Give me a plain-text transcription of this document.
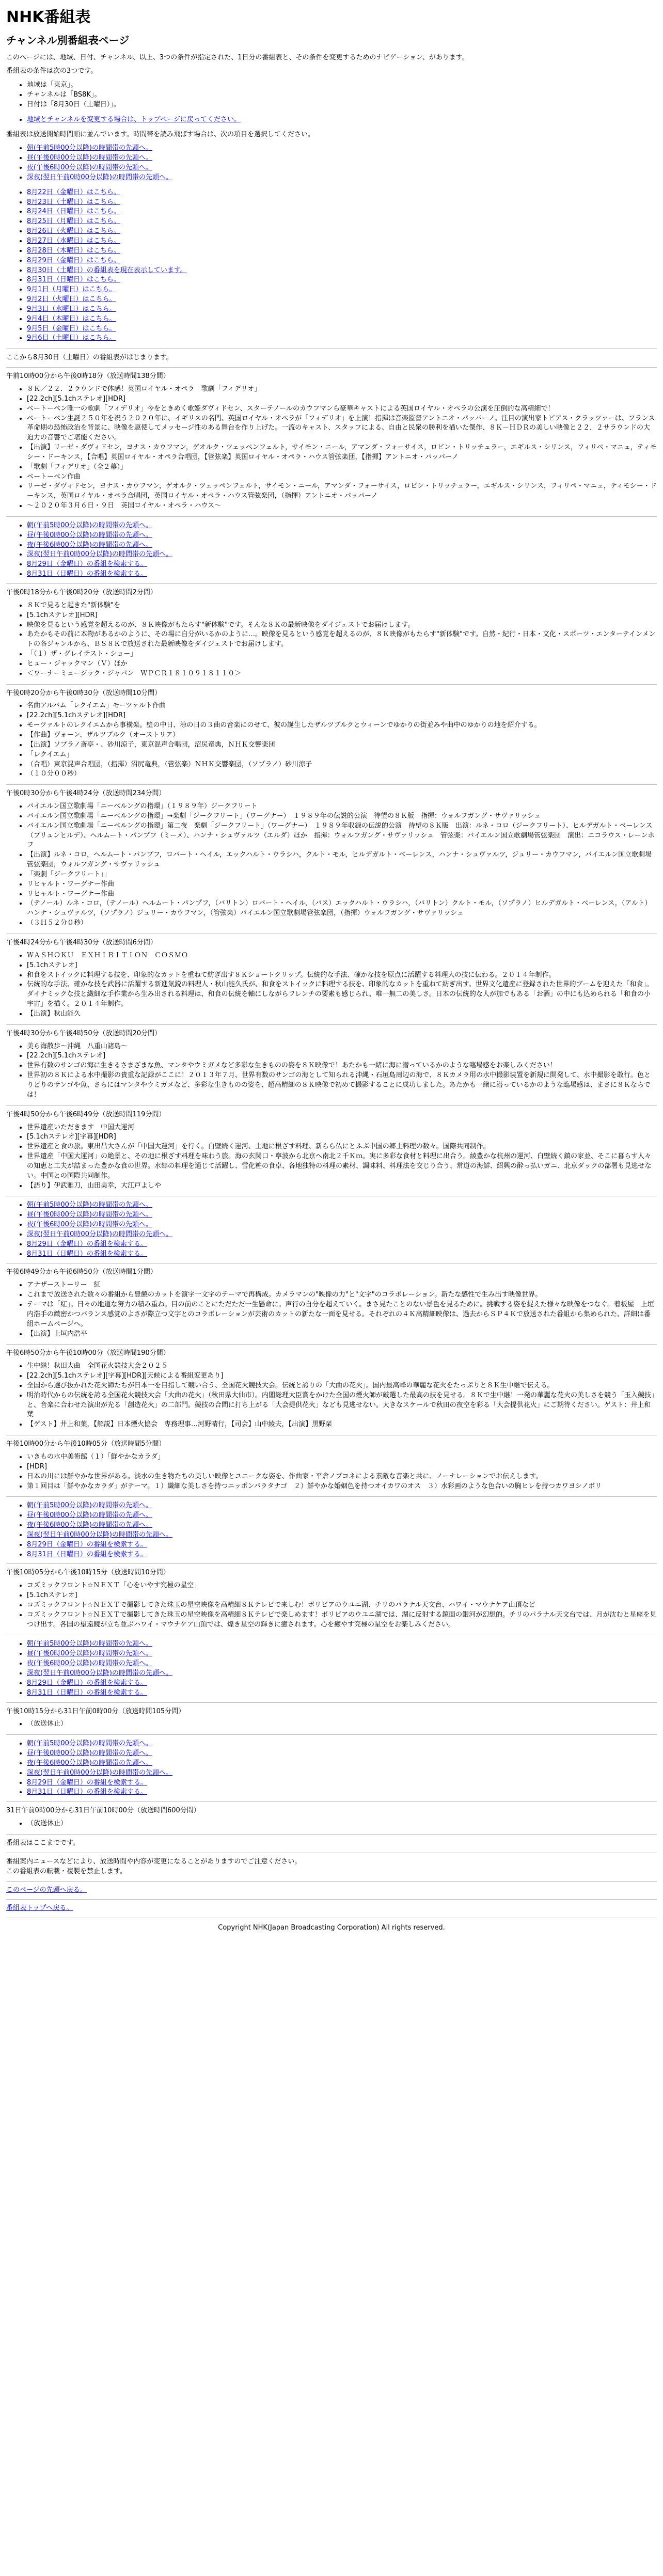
NHK番組表
チャンネル別番組表ページ

このページには、地域、日付、チャンネル、以上、3つの条件が指定された、1日分の番組表と、その条件を変更するためのナビゲーション、があります。

番組表の条件は次の3つです。

• 地域は「東京」。
• チャンネルは「BS8K」。
• 日付は「8月30日（土曜日）」。
• 地域とチャンネルを変更する場合は、トップページに戻ってください。

番組表は放送開始時間順に並んでいます。時間帯を読み飛ばす場合は、次の項目を選択してください。

• 朝(午前5時00分以降)の時間帯の先頭へ。
• 昼(午後0時00分以降)の時間帯の先頭へ。
• 夜(午後6時00分以降)の時間帯の先頭へ。
• 深夜(翌日午前0時00分以降)の時間帯の先頭へ。
• 8月22日（金曜日）はこちら。
• 8月23日（土曜日）はこちら。
• 8月24日（日曜日）はこちら。
• 8月25日（月曜日）はこちら。
• 8月26日（火曜日）はこちら。
• 8月27日（水曜日）はこちら。
• 8月28日（木曜日）はこちら。
• 8月29日（金曜日）はこちら。
• 8月30日（土曜日）の番組表を現在表示しています。
• 8月31日（日曜日）はこちら。
• 9月1日（月曜日）はこちら。
• 9月2日（火曜日）はこちら。
• 9月3日（水曜日）はこちら。
• 9月4日（木曜日）はこちら。
• 9月5日（金曜日）はこちら。
• 9月6日（土曜日）はこちら。

ここから8月30日（土曜日）の番組表がはじまります。

午前10時00分から午後0時18分（放送時間138分間）

• ８Ｋ／２２．２ラウンドで体感！英国ロイヤル・オペラ　歌劇「フィデリオ」
• [22.2ch][5.1chステレオ][HDR]
• ベートーベン唯一の歌劇「フィデリオ」今をときめく歌姫ダヴィドセン、スターテノールのカウフマンら豪華キャストによる英国ロイヤル・オペラの公演を圧倒的な高精細で！
• ベートーベン生誕２５０年を祝う２０２０年に、イギリスの名門、英国ロイヤル・オペラが「フィデリオ」を上演！指揮は音楽監督アントニオ・パッパーノ。注目の演出家トビアス・クラッツァーは、フランス革命期の恐怖政治を背景に、映像を駆使してメッセージ性のある舞台を作り上げた。一流のキャスト、スタッフによる、自由と民衆の勝利を描いた傑作、８Ｋ－ＨＤＲの美しい映像と２２．２サラウンドの大迫力の音響でご堪能ください。
• 【出演】リーゼ・ダヴィドセン，ヨナス・カウフマン，ゲオルク・ツェッペンフェルト，サイモン・ニール，アマンダ・フォーサイス，ロビン・トリッチュラー，エギルス・シリンス，フィリペ・マニュ，ティモシー・ドーキンス，【合唱】英国ロイヤル・オペラ合唱団，【管弦楽】英国ロイヤル・オペラ・ハウス管弦楽団，【指揮】アントニオ・パッパーノ
• 「歌劇「フィデリオ」（全２幕）」
• ベートーベン作曲
• リーゼ・ダヴィドセン，ヨナス・カウフマン，ゲオルク・ツェッペンフェルト，サイモン・ニール，アマンダ・フォーサイス，ロビン・トリッチュラー，エギルス・シリンス，フィリペ・マニュ，ティモシー・ドーキンス，英国ロイヤル・オペラ合唱団，英国ロイヤル・オペラ・ハウス管弦楽団，（指揮）アントニオ・パッパーノ
• ～２０２０年３月６日・９日　英国ロイヤル・オペラ・ハウス～
• 朝(午前5時00分以降)の時間帯の先頭へ。
• 昼(午後0時00分以降)の時間帯の先頭へ。
• 夜(午後6時00分以降)の時間帯の先頭へ。
• 深夜(翌日午前0時00分以降)の時間帯の先頭へ。
• 8月29日（金曜日）の番組を検索する。
• 8月31日（日曜日）の番組を検索する。

午後0時18分から午後0時20分（放送時間2分間）

• ８Ｋで見ると起きた"新体験"を
• [5.1chステレオ][HDR]
• 映像を見るという感覚を超えるのが、８Ｋ映像がもたらす"新体験"です。そんな８Ｋの最新映像をダイジェストでお届けします。
• あたかもその前に本物があるかのように、その場に自分がいるかのように…。映像を見るという感覚を超えるのが、８Ｋ映像がもたらす"新体験"です。自然・紀行・日本・文化・スポーツ・エンターテインメントの各ジャンルから、ＢＳ８Ｋで放送された最新映像をダイジェストでお届けします。
• 「（１）ザ・グレイテスト・ショー」
• ヒュー・ジャックマン（Ｖ）ほか
• ＜ワーナーミュージック・ジャパン　ＷＰＣＲ１８１０９１８１１０＞

午後0時20分から午後0時30分（放送時間10分間）

• 名曲アルバム「レクイエム」モーツァルト作曲
• [22.2ch][5.1chステレオ][HDR]
• モーツァルトのレクイエムから事構楽。壁の中日、涼の日の３曲の音楽にのせて、彼の誕生したザルツブルクとウィーンでゆかりの街並みや曲中のゆかりの地を紹介する。
• 【作曲】ヴォーン、ザルツブルク（オーストリア）
• 【出演】ソプラノ斎亭・、砂川涼子，東京混声合唱団，沼尻竜典，ＮＨＫ交響楽団
• 「レクイエム」
• （合唱）東京混声合唱団，（指揮）沼尻竜典，（管弦楽）ＮＨＫ交響楽団，（ソプラノ）砂川涼子
• （１０分００秒）

午後0時30分から午後4時24分（放送時間234分間）

• バイエルン国立歌劇場「ニーベルングの指環」（１９８９年）ジークフリート
• バイエルン国立歌劇場「ニーベルングの指環」→楽劇「ジークフリート」（ワーグナー）　１９８９年の伝説的公演　待望の８Ｋ版　指揮：ウォルフガング・サヴァリッシュ
• バイエルン国立歌劇場「ニーベルングの指環」第二夜　楽劇「ジークフリート」（ワーグナー）　１９８９年収録の伝説的公演　待望の８Ｋ版　出演：ルネ・コロ（ジークフリート）、ヒルデガルト・ベーレンス（ブリュンヒルデ）、ヘルムート・パンプフ（ミーメ）、ハンナ・シュヴァルツ（エルダ）ほか　指揮：ウォルフガング・サヴァリッシュ　管弦楽：バイエルン国立歌劇場管弦楽団　演出：ニコラウス・レーンホフ
• 【出演】ルネ・コロ，ヘルムート・パンプフ，ロバート・ヘイル，エックハルト・ウラシハ，クルト・モル，ヒルデガルト・ベーレンス，ハンナ・シュヴァルツ，ジュリー・カウフマン，バイエルン国立歌劇場管弦楽団，ウォルフガング・サヴァリッシュ
• 「楽劇「ジークフリート」」
• リヒャルト・ワーグナー作曲
• リヒャルト・ワーグナー作曲
• （テノール）ルネ・コロ，（テノール）ヘルムート・パンプフ，（バリトン）ロバート・ヘイル，（バス）エックハルト・ウラシハ，（バリトン）クルト・モル，（ソプラノ）ヒルデガルト・ベーレンス，（アルト）ハンナ・シュヴァルツ，（ソプラノ）ジュリー・カウフマン，（管弦楽）バイエルン国立歌劇場管弦楽団，（指揮）ウォルフガング・サヴァリッシュ
• （３Ｈ５２分０秒）

午後4時24分から午後4時30分（放送時間6分間）

• ＷＡＳＨＯＫＵ　ＥＸＨＩＢＩＴＩＯＮ　ＣＯＳＭＯ
• [5.1chステレオ]
• 和食をストイックに料理する技を、印象的なカットを重ねて紡ぎ出す８Ｋショートクリップ。伝統的な手法、確かな技を原点に活躍する料理人の技に伝わる。２０１４年制作。
• 伝統的な手法、確かな技を武器に活躍する新進気鋭の料理人・秋山能久氏が、和食をストイックに料理する技を、印象的なカットを重ねて紡ぎ出す。世界文化遺産に登録された世界的ブームを迎えた「和食」。ダイナミックな技と繊細な手作業から生み出される料理は、和食の伝統を軸にしながらフレンチの要素も感じられ、唯一無二の美しさ。日本の伝統的な人が加でもある「お酒」の中にも込められる「和食の小宇宙」を描く。２０１４年制作。
• 【出演】秋山能久

午後4時30分から午後4時50分（放送時間20分間）

• 美ら海散歩～沖縄　八重山諸島～
• [22.2ch][5.1chステレオ]
• 世界有数のサンゴの海に生きるさまざまな魚、マンタやウミガメなど多彩な生きものの姿を８Ｋ映像で！あたかも一緒に海に潜っているかのような臨場感をお楽しみください！
• 世界初の８Ｋによる水中撮影の貴重な記録がここに！２０１３年７月、世界有数のサンゴの海として知られる沖縄・石垣島周辺の海で、８Ｋカメラ用の水中撮影装置を新規に開発して、水中撮影を敢行。色とりどりのサンゴや魚、さらにはマンタやウミガメなど、多彩な生きものの姿を、超高精細の８Ｋ映像で初めて撮影することに成功しました。あたかも一緒に潜っているかのような臨場感は、まさに８Ｋならでは！

午後4時50分から午後6時49分（放送時間119分間）

• 世界遺産いただきます　中国大運河
• [5.1chステレオ][字幕][HDR]
• 世界遺産と食の旅。東出昌大さんが「中国大運河」を行く。白壁続く運河、土地に根ざす料理、新らら仏にとふぶ中国の郷土料理の数々。国際共同制作。
• 世界遺産「中国大運河」の絶景と、その地に根ざす料理を味わう旅。海の玄関口・寧波から北京へ南北２千Ｋｍ。実に多彩な食材と料理に出合う。綾豊かな杭州の運河、白壁続く鎮の家並、そこに暮らす人々の知恵と工夫が詰まった豊かな食の世界。水郷の料理を通じて活躍し、雪化粧の食卓、各地独特の料理の素材、調味料、料理法を交じり合う、常道の海鮮、紹興の酔っ払いガニ、北京ダックの部署も見逃せない。中国との国際共同制作。
• 【語り】伊武雅刀，山田美幸，大江戸よしや
• 朝(午前5時00分以降)の時間帯の先頭へ。
• 昼(午後0時00分以降)の時間帯の先頭へ。
• 夜(午後6時00分以降)の時間帯の先頭へ。
• 深夜(翌日午前0時00分以降)の時間帯の先頭へ。
• 8月29日（金曜日）の番組を検索する。
• 8月31日（日曜日）の番組を検索する。

午後6時49分から午後6時50分（放送時間1分間）

• アナザーストーリー　紅
• これまで放送された数々の番組から豊饒のカットを演字一文字のテーマで再構成。カメラマンの"映像の力"と"文字"のコラボレーション。新たな感性で生み出す映像世界。
• テーマは「紅」。日々の地道な努力の積み重ね。目の前のことにただただ一生懸命に。声行の自分を超えていく。まさ見たことのない景色を見るために。挑戦する姿を捉えた様々な映像をつなぐ。着板屋　上垣内浩手の緻密かつバランス感覚のよさが際立つ文字とのコラボレーションが芸術のカットの新たな一面を見せる。それぞれの４Ｋ高精細映像は、過去からＳＰ４Ｋで放送された番組から集められた、詳細は番組ホームページへ。
• 【出演】上垣内浩平

午後6時50分から午後10時00分（放送時間190分間）

• 生中継！秋田大曲　全国花火競技大会２０２５
• [22.2ch][5.1chステレオ][字幕][HDR][天候による番組変更あり]
• 全国から選び抜かれた花火師たちが日本一を目指して競い合う、全国花火競技大会。伝統と誇りの「大曲の花火」。国内最高峰の華麗な花火をたっぷりと８Ｋ生中継で伝える。
• 明治時代からの伝統を誇る全国花火競技大会「大曲の花火」（秋田県大仙市）。内閣総理大臣賞をかけた全国の煙火師が厳選した最高の技を見せる。８Ｋで生中継！一発の華麗な花火の美しさを競う「玉入競技」と、音楽に合わせた演出が光る「創造花火」の二部門。競技の合間に打ち上がる「大会提供花火」なども見逃せない。大きなスケールで秋田の夜空を彩る「大会提供花火」にご期待ください。ゲスト：井上和葉
• 【ゲスト】井上和葉，【解説】日本煙火協会　専務理事…河野晴行，【司会】山中綾夫，【出演】黒野栞

午後10時00分から午後10時05分（放送時間5分間）

• いきもの水中美術館（１）「鮮やかなカラダ」
• [HDR]
• 日本の川には鮮やかな世界がある。淡水の生き物たちの美しい映像とユニークな姿を、作曲家・平倉ノブコネによる素敵な音楽と共に、ノーナレーションでお伝えします。
• 第１回目は「鮮やかなカラダ」がテーマ。１）繊細な美しさを持つニッポンバラタナゴ　２）鮮やかな婚姻色を持つオイカワのオス　３）水彩画のような色合いの胸ヒレを持つカワヨシノボリ
• 朝(午前5時00分以降)の時間帯の先頭へ。
• 昼(午後0時00分以降)の時間帯の先頭へ。
• 夜(午後6時00分以降)の時間帯の先頭へ。
• 深夜(翌日午前0時00分以降)の時間帯の先頭へ。
• 8月29日（金曜日）の番組を検索する。
• 8月31日（日曜日）の番組を検索する。

午後10時05分から午後10時15分（放送時間10分間）

• コズミックフロント☆ＮＥＸＴ「心をいやす究極の星空」
• [5.1chステレオ]
• コズミックフロント☆ＮＥＸＴで撮影してきた珠玉の星空映像を高精細８Ｋテレビで来しむ！ボリビアのウユニ湖、チリのパラナル天文台、ハワイ・マウナケア山頂など
• コズミックフロント☆ＮＥＸＴで撮影してきた珠玉の星空映像を高精細８Ｋテレビで楽しめます！ボリビアのウユニ湖では、湖に反射する鏡面の銀河が幻想的。チリのパラナル天文台では、月が沈むと星座を見つけ出す。各国の望遠鏡が立ち並ぶハワイ・マウナケア山頂では、煌き星空の輝きに癒されます。心を癒やす究極の星空をお楽しみください。
• 朝(午前5時00分以降)の時間帯の先頭へ。
• 昼(午後0時00分以降)の時間帯の先頭へ。
• 夜(午後6時00分以降)の時間帯の先頭へ。
• 深夜(翌日午前0時00分以降)の時間帯の先頭へ。
• 8月29日（金曜日）の番組を検索する。
• 8月31日（日曜日）の番組を検索する。

午後10時15分から31日午前0時00分（放送時間105分間）

• （放送休止）
• 朝(午前5時00分以降)の時間帯の先頭へ。
• 昼(午後0時00分以降)の時間帯の先頭へ。
• 夜(午後6時00分以降)の時間帯の先頭へ。
• 深夜(翌日午前0時00分以降)の時間帯の先頭へ。
• 8月29日（金曜日）の番組を検索する。
• 8月31日（日曜日）の番組を検索する。

31日午前0時00分から31日午前10時00分（放送時間600分間）

• （放送休止）

番組表はここまでです。

番組案内ニュースなどにより、放送時間や内容が変更になることがありますのでご注意ください。
この番組表の転載・複製を禁止します。

このページの先頭へ戻る。

番組表トップへ戻る。

Copyright NHK(Japan Broadcasting Corporation) All rights reserved.
